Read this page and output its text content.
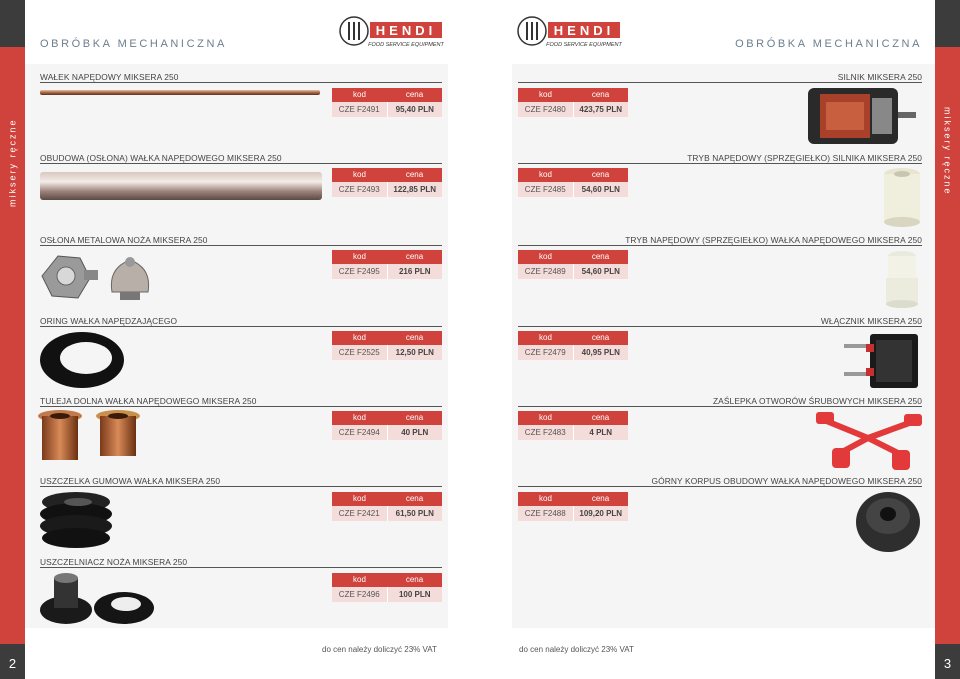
miksery ręczne
2
miksery ręczne
3
OBRÓBKA MECHANICZNA	OBRÓBKA MECHANICZNA
HENDI
FOOD SERVICE EQUIPMENT
HENDI
FOOD SERVICE EQUIPMENT
WAŁEK NAPĘDOWY MIKSERA 250
kod	cena
CZE F2491	95,40 PLN
OBUDOWA (OSŁONA) WAŁKA NAPĘDOWEGO MIKSERA 250
kod	cena
CZE F2493	122,85 PLN
OSŁONA METALOWA NOŻA MIKSERA 250
kod	cena
CZE F2495	216 PLN
ORING WAŁKA NAPĘDZAJĄCEGO
kod	cena
CZE F2525	12,50 PLN
TULEJA DOLNA WAŁKA NAPĘDOWEGO MIKSERA 250
kod	cena
CZE F2494	40 PLN
USZCZELKA GUMOWA WAŁKA MIKSERA 250
kod	cena
CZE F2421	61,50 PLN
USZCZELNIACZ NOŻA MIKSERA 250
kod	cena
CZE F2496	100 PLN
SILNIK MIKSERA 250
kod	cena
CZE F2480	423,75 PLN
TRYB NAPĘDOWY (SPRZĘGIEŁKO) SILNIKA MIKSERA 250
kod	cena
CZE F2485	54,60 PLN
TRYB NAPĘDOWY (SPRZĘGIEŁKO) WAŁKA NAPĘDOWEGO MIKSERA 250
kod	cena
CZE F2489	54,60 PLN
WŁĄCZNIK MIKSERA 250
kod	cena
CZE F2479	40,95 PLN
ZAŚLEPKA OTWORÓW ŚRUBOWYCH MIKSERA 250
kod	cena
CZE F2483	4 PLN
GÓRNY KORPUS OBUDOWY WAŁKA NAPĘDOWEGO MIKSERA 250
kod	cena
CZE F2488	109,20 PLN
do cen należy doliczyć 23% VAT	do cen należy doliczyć 23% VAT
